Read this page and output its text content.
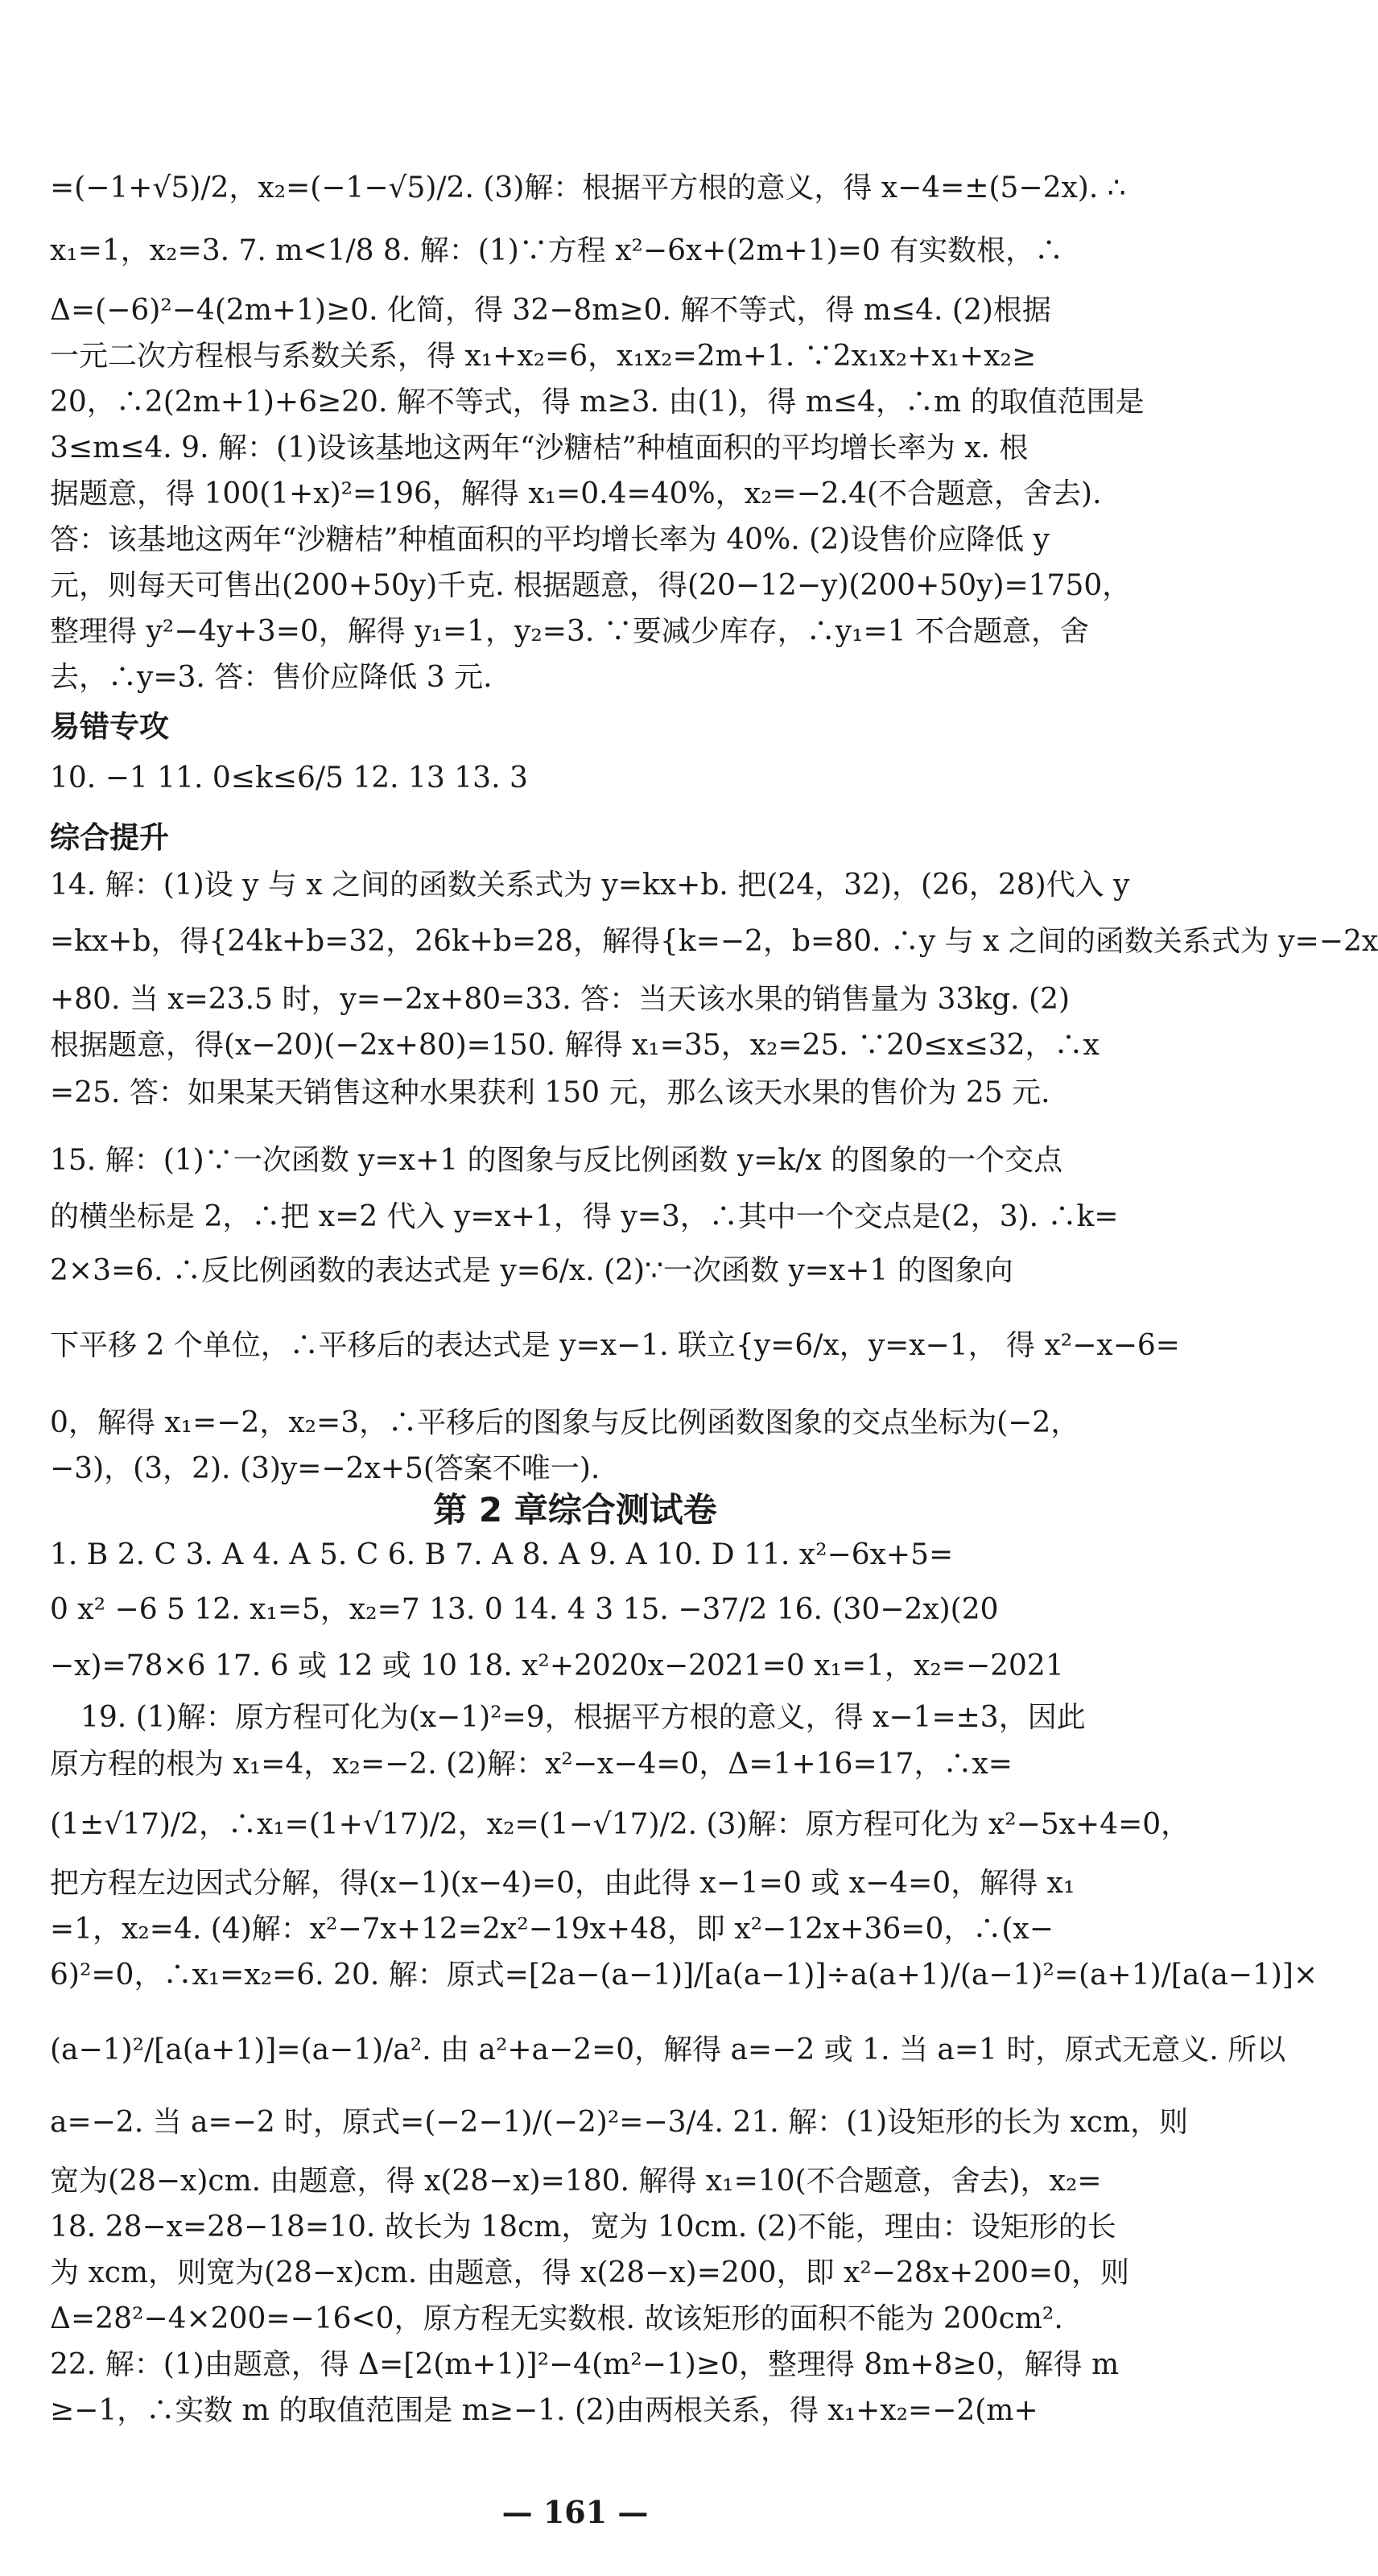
=(−1+√5)/2，x₂=(−1−√5)/2. (3)解：根据平方根的意义，得 x−4=±(5−2x). ∴
x₁=1，x₂=3. 7. m<1/8 8. 解：(1)∵方程 x²−6x+(2m+1)=0 有实数根，∴
Δ=(−6)²−4(2m+1)≥0. 化简，得 32−8m≥0. 解不等式，得 m≤4. (2)根据
一元二次方程根与系数关系，得 x₁+x₂=6，x₁x₂=2m+1. ∵2x₁x₂+x₁+x₂≥
20，∴2(2m+1)+6≥20. 解不等式，得 m≥3. 由(1)，得 m≤4，∴m 的取值范围是
3≤m≤4. 9. 解：(1)设该基地这两年“沙糖桔”种植面积的平均增长率为 x. 根
据题意，得 100(1+x)²=196，解得 x₁=0.4=40%，x₂=−2.4(不合题意，舍去).
答：该基地这两年“沙糖桔”种植面积的平均增长率为 40%. (2)设售价应降低 y
元，则每天可售出(200+50y)千克. 根据题意，得(20−12−y)(200+50y)=1750，
整理得 y²−4y+3=0，解得 y₁=1，y₂=3. ∵要减少库存，∴y₁=1 不合题意，舍
去，∴y=3. 答：售价应降低 3 元.
易错专攻
10. −1 11. 0≤k≤6/5 12. 13 13. 3
综合提升
14. 解：(1)设 y 与 x 之间的函数关系式为 y=kx+b. 把(24，32)，(26，28)代入 y
=kx+b，得{24k+b=32，26k+b=28，解得{k=−2，b=80. ∴y 与 x 之间的函数关系式为 y=−2x
+80. 当 x=23.5 时，y=−2x+80=33. 答：当天该水果的销售量为 33kg. (2)
根据题意，得(x−20)(−2x+80)=150. 解得 x₁=35，x₂=25. ∵20≤x≤32，∴x
=25. 答：如果某天销售这种水果获利 150 元，那么该天水果的售价为 25 元.
15. 解：(1)∵一次函数 y=x+1 的图象与反比例函数 y=k/x 的图象的一个交点
的横坐标是 2，∴把 x=2 代入 y=x+1，得 y=3，∴其中一个交点是(2，3). ∴k=
2×3=6. ∴反比例函数的表达式是 y=6/x. (2)∵一次函数 y=x+1 的图象向
下平移 2 个单位，∴平移后的表达式是 y=x−1. 联立{y=6/x，y=x−1， 得 x²−x−6=
0，解得 x₁=−2，x₂=3，∴平移后的图象与反比例函数图象的交点坐标为(−2，
−3)，(3，2). (3)y=−2x+5(答案不唯一).
第 2 章综合测试卷
1. B 2. C 3. A 4. A 5. C 6. B 7. A 8. A 9. A 10. D 11. x²−6x+5=
0 x² −6 5 12. x₁=5，x₂=7 13. 0 14. 4 3 15. −37/2 16. (30−2x)(20
−x)=78×6 17. 6 或 12 或 10 18. x²+2020x−2021=0 x₁=1，x₂=−2021
19. (1)解：原方程可化为(x−1)²=9，根据平方根的意义，得 x−1=±3，因此
原方程的根为 x₁=4，x₂=−2. (2)解：x²−x−4=0，Δ=1+16=17，∴x=
(1±√17)/2，∴x₁=(1+√17)/2，x₂=(1−√17)/2. (3)解：原方程可化为 x²−5x+4=0，
把方程左边因式分解，得(x−1)(x−4)=0，由此得 x−1=0 或 x−4=0，解得 x₁
=1，x₂=4. (4)解：x²−7x+12=2x²−19x+48，即 x²−12x+36=0，∴(x−
6)²=0，∴x₁=x₂=6. 20. 解：原式=[2a−(a−1)]/[a(a−1)]÷a(a+1)/(a−1)²=(a+1)/[a(a−1)]×
(a−1)²/[a(a+1)]=(a−1)/a². 由 a²+a−2=0，解得 a=−2 或 1. 当 a=1 时，原式无意义. 所以
a=−2. 当 a=−2 时，原式=(−2−1)/(−2)²=−3/4. 21. 解：(1)设矩形的长为 xcm，则
宽为(28−x)cm. 由题意，得 x(28−x)=180. 解得 x₁=10(不合题意，舍去)，x₂=
18. 28−x=28−18=10. 故长为 18cm，宽为 10cm. (2)不能，理由：设矩形的长
为 xcm，则宽为(28−x)cm. 由题意，得 x(28−x)=200，即 x²−28x+200=0，则
Δ=28²−4×200=−16<0，原方程无实数根. 故该矩形的面积不能为 200cm².
22. 解：(1)由题意，得 Δ=[2(m+1)]²−4(m²−1)≥0，整理得 8m+8≥0，解得 m
≥−1，∴实数 m 的取值范围是 m≥−1. (2)由两根关系，得 x₁+x₂=−2(m+
— 161 —
